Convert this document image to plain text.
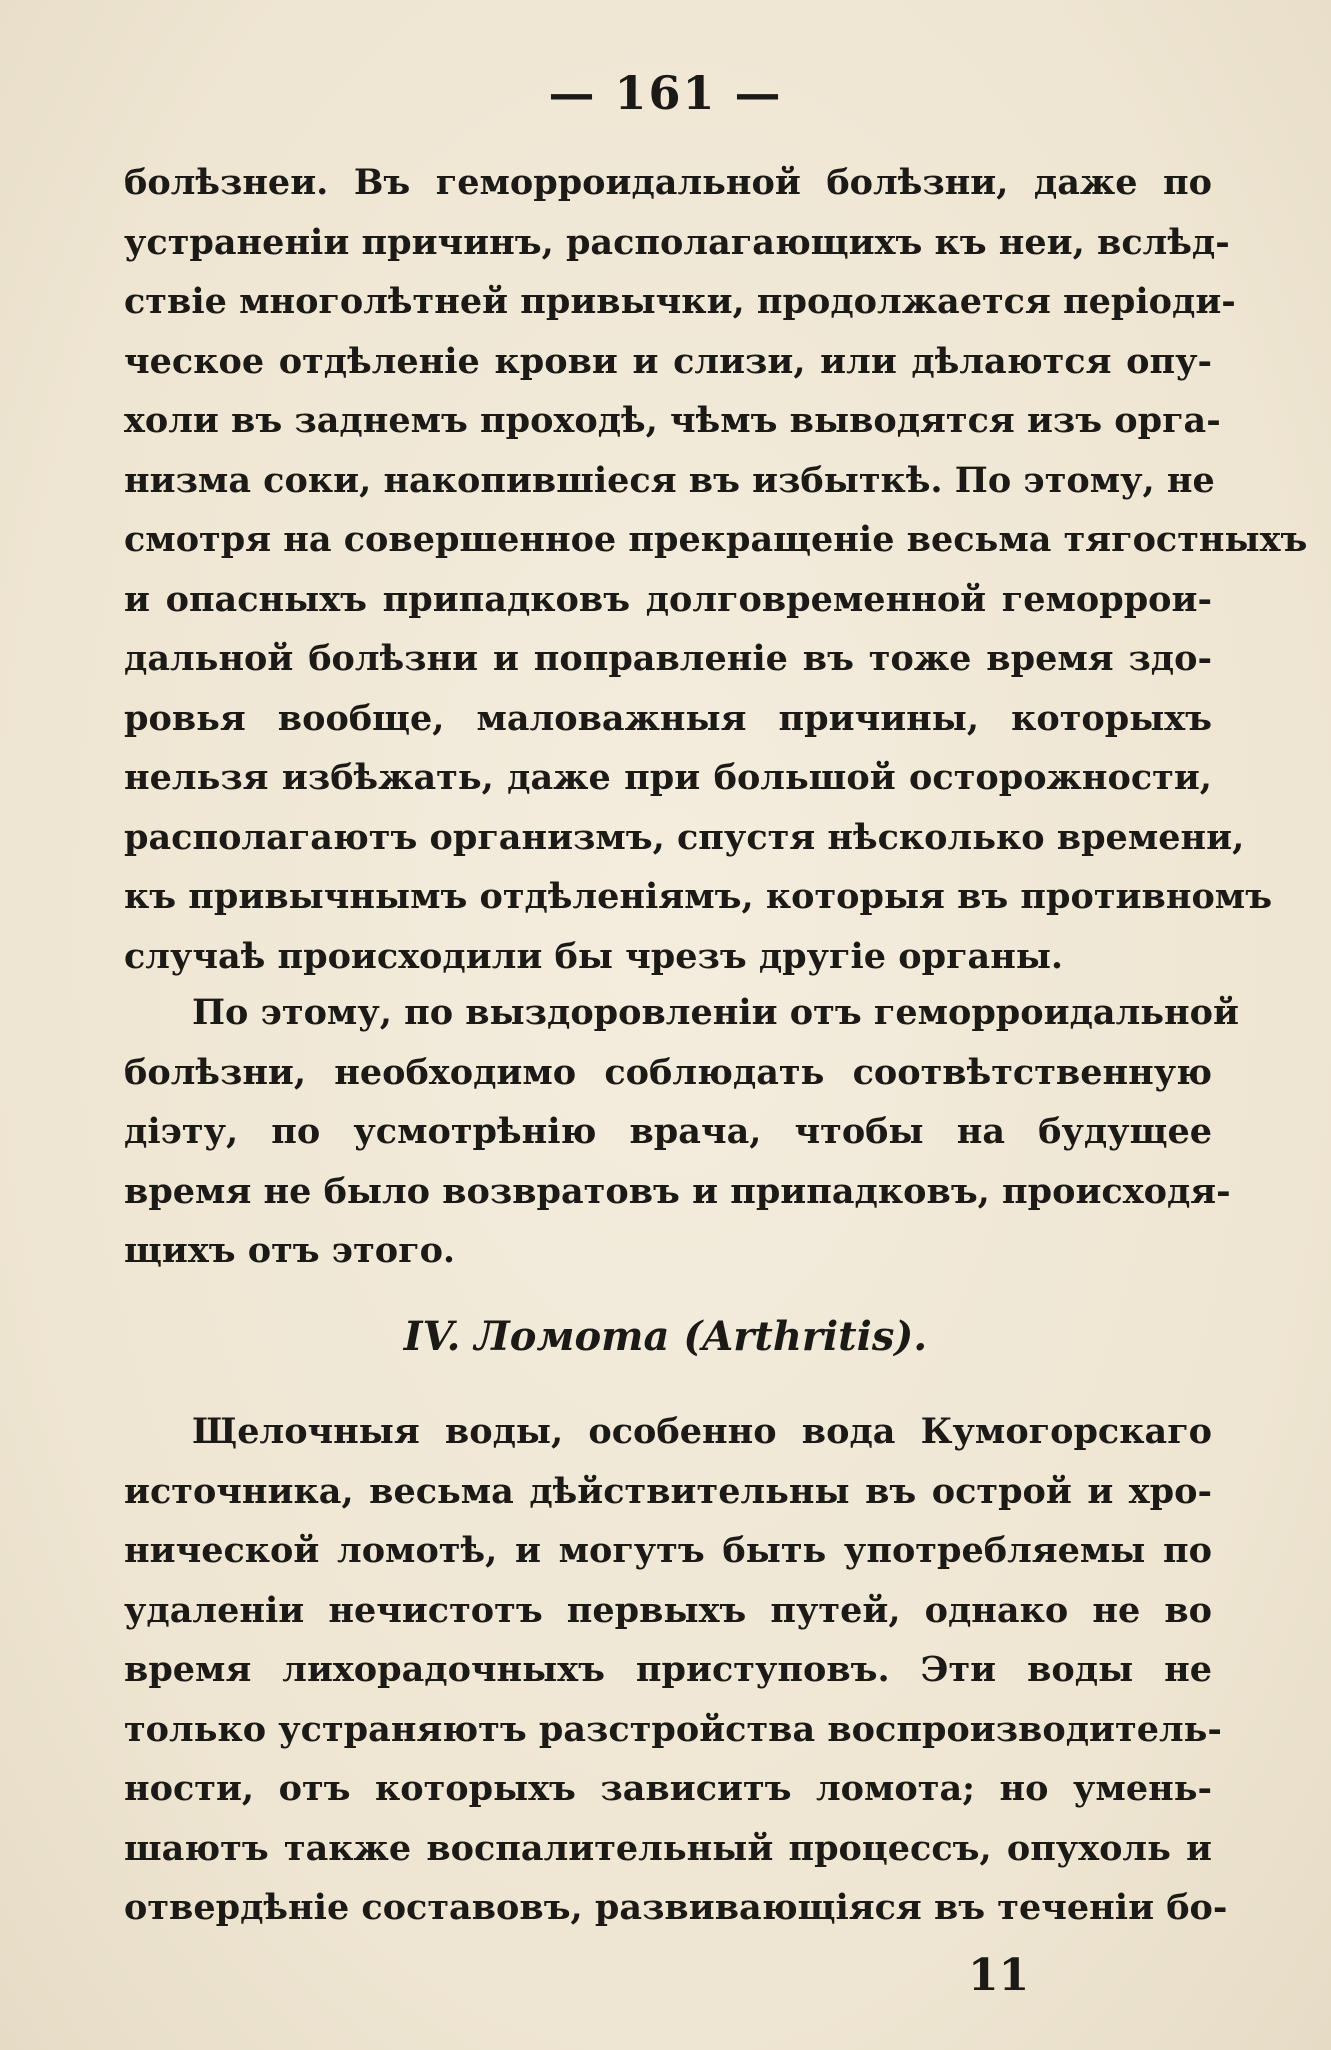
— 161 —
болѣзнеи. Въ геморроидальной болѣзни, даже по
устраненіи причинъ, располагающихъ къ неи, вслѣд-
ствіе многолѣтней привычки, продолжается періоди-
ческое отдѣленіе крови и слизи, или дѣлаются опу-
холи въ заднемъ проходѣ, чѣмъ выводятся изъ орга-
низма соки, накопившіеся въ избыткѣ. По этому, не
смотря на совершенное прекращеніе весьма тягостныхъ
и опасныхъ припадковъ долговременной геморрои-
дальной болѣзни и поправленіе въ тоже время здо-
ровья вообще, маловажныя причины, которыхъ
нельзя избѣжать, даже при большой осторожности,
располагаютъ организмъ, спустя нѣсколько времени,
къ привычнымъ отдѣленіямъ, которыя въ противномъ
случаѣ происходили бы чрезъ другіе органы.
По этому, по выздоровленіи отъ геморроидальной
болѣзни, необходимо соблюдать соотвѣтственную
діэту, по усмотрѣнію врача, чтобы на будущее
время не было возвратовъ и припадковъ, происходя-
щихъ отъ этого.
IV. Ломота (Arthritis).
Щелочныя воды, особенно вода Кумогорскаго
источника, весьма дѣйствительны въ острой и хро-
нической ломотѣ, и могутъ быть употребляемы по
удаленіи нечистотъ первыхъ путей, однако не во
время лихорадочныхъ приступовъ. Эти воды не
только устраняютъ разстройства воспроизводитель-
ности, отъ которыхъ зависитъ ломота; но умень-
шаютъ также воспалительный процессъ, опухоль и
отвердѣніе составовъ, развивающіяся въ теченіи бо-
11
